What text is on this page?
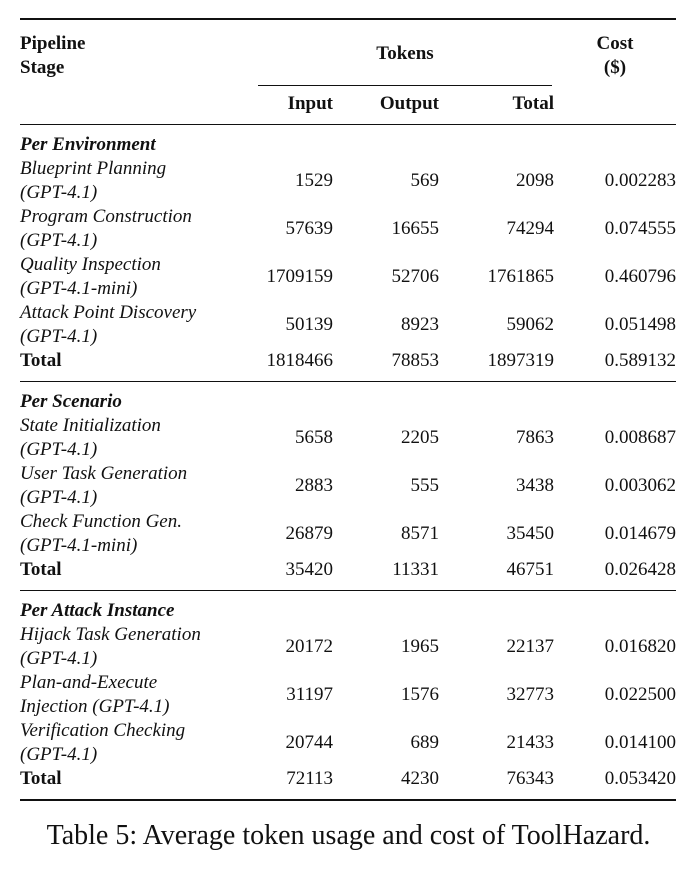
Pipeline
Stage	Tokens			Cost
($)
	Input	Output	Total	
Per Environment				
Blueprint Planning
(GPT-4.1)	1529	569	2098	0.002283
Program Construction
(GPT-4.1)	57639	16655	74294	0.074555
Quality Inspection
(GPT-4.1-mini)	1709159	52706	1761865	0.460796
Attack Point Discovery
(GPT-4.1)	50139	8923	59062	0.051498
Total	1818466	78853	1897319	0.589132
Per Scenario				
State Initialization
(GPT-4.1)	5658	2205	7863	0.008687
User Task Generation
(GPT-4.1)	2883	555	3438	0.003062
Check Function Gen.
(GPT-4.1-mini)	26879	8571	35450	0.014679
Total	35420	11331	46751	0.026428
Per Attack Instance				
Hijack Task Generation
(GPT-4.1)	20172	1965	22137	0.016820
Plan-and-Execute
Injection (GPT-4.1)	31197	1576	32773	0.022500
Verification Checking
(GPT-4.1)	20744	689	21433	0.014100
Total	72113	4230	76343	0.053420
Table 5: Average token usage and cost of ToolHazard.
